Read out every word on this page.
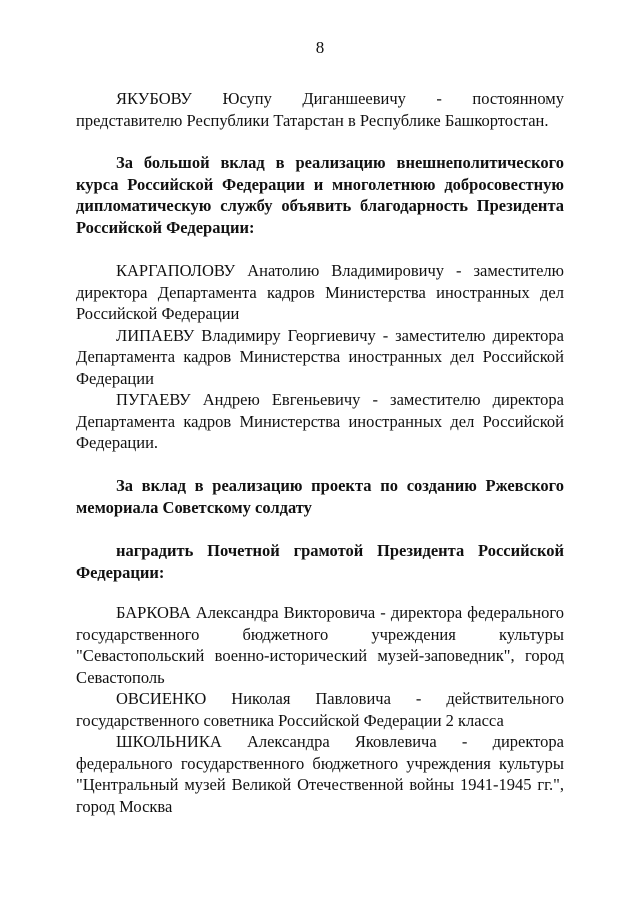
8

ЯКУБОВУ Юсупу Диганшеевичу - постоянному представителю Республики Татарстан в Республике Башкортостан.

За большой вклад в реализацию внешнеполитического курса Российской Федерации и многолетнюю добросовестную дипломатическую службу объявить благодарность Президента Российской Федерации:

КАРГАПОЛОВУ Анатолию Владимировичу - заместителю директора Департамента кадров Министерства иностранных дел Российской Федерации

ЛИПАЕВУ Владимиру Георгиевичу - заместителю директора Департамента кадров Министерства иностранных дел Российской Федерации

ПУГАЕВУ Андрею Евгеньевичу - заместителю директора Департамента кадров Министерства иностранных дел Российской Федерации.

За вклад в реализацию проекта по созданию Ржевского мемориала Советскому солдату

наградить Почетной грамотой Президента Российской Федерации:

БАРКОВА Александра Викторовича - директора федерального государственного бюджетного учреждения культуры "Севастопольский военно-исторический музей-заповедник", город Севастополь

ОВСИЕНКО Николая Павловича - действительного государственного советника Российской Федерации 2 класса

ШКОЛЬНИКА Александра Яковлевича - директора федерального государственного бюджетного учреждения культуры "Центральный музей Великой Отечественной войны 1941-1945 гг.", город Москва
